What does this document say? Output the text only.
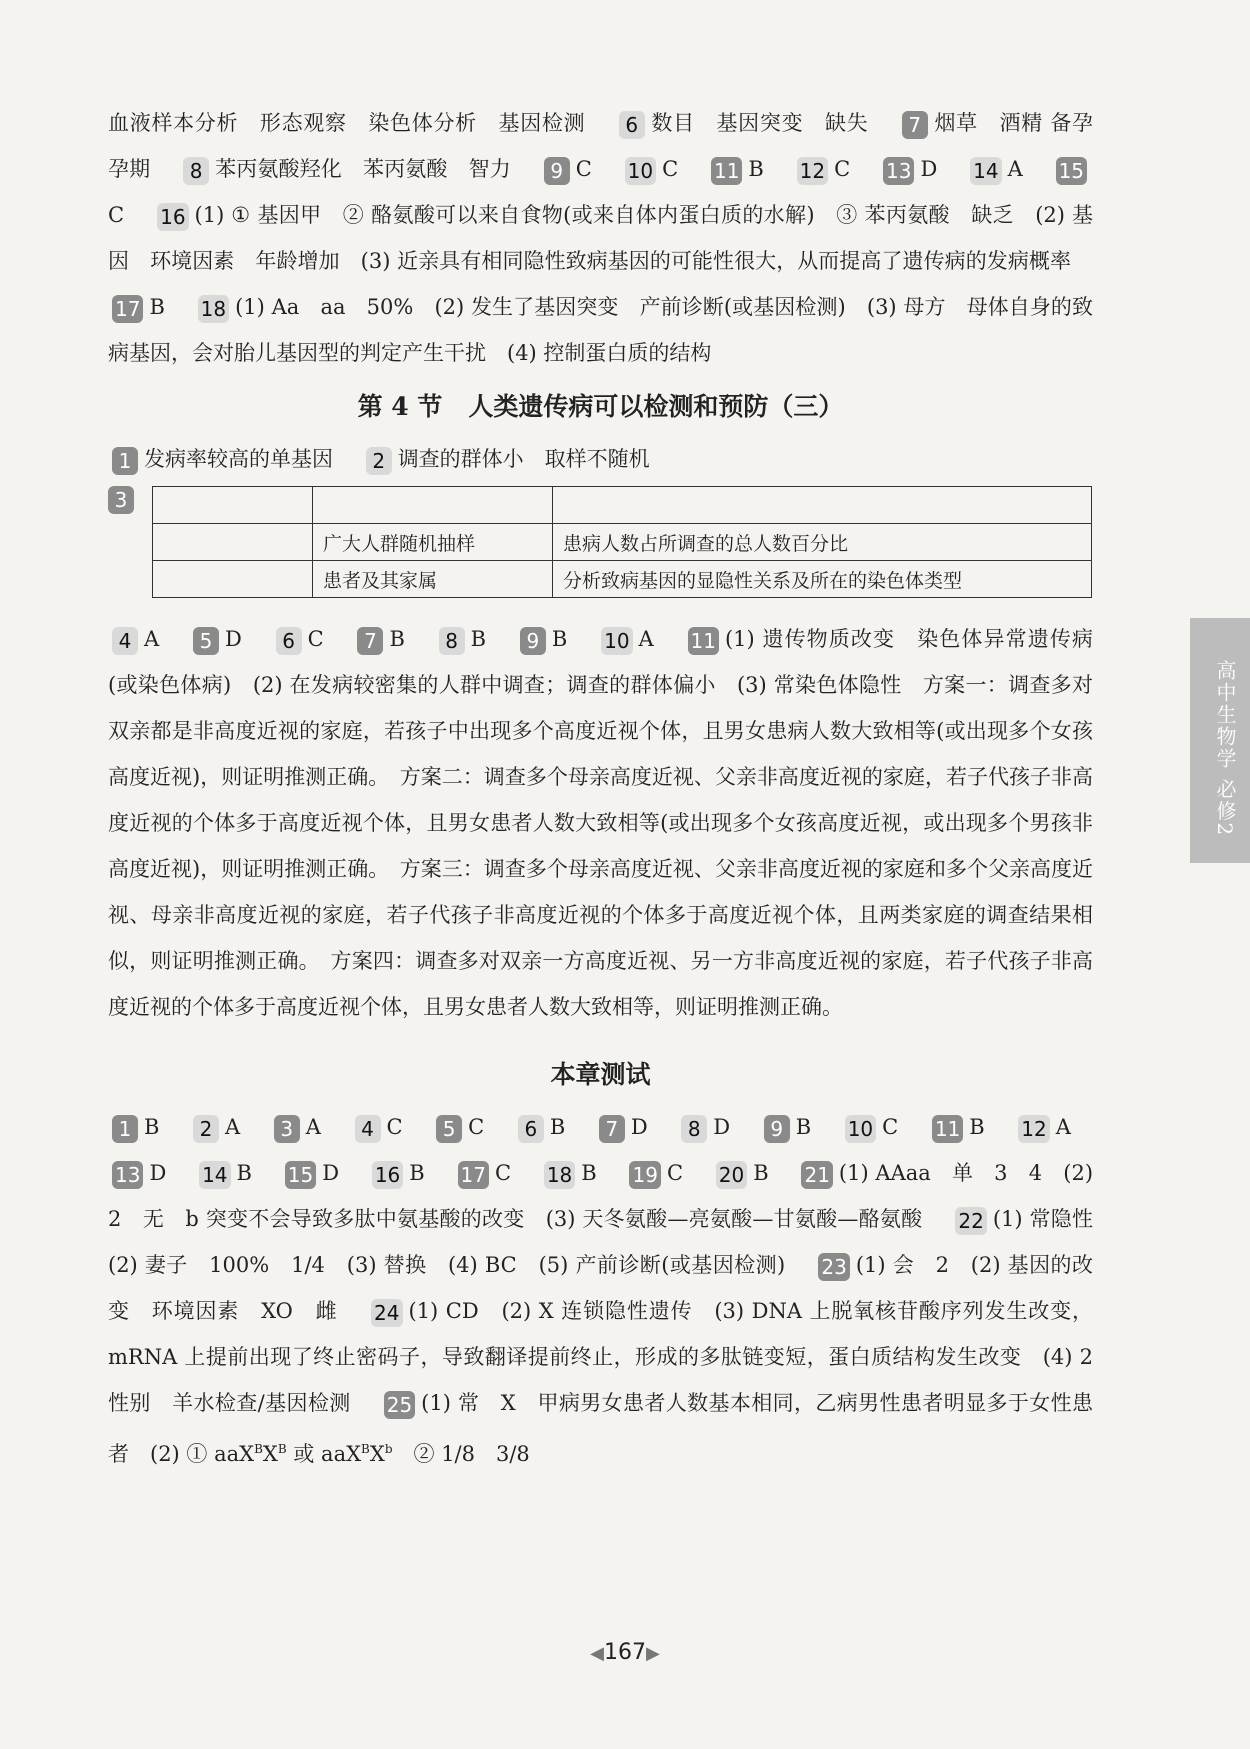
高中生物学 必修2

血液样本分析　形态观察　染色体分析　基因检测 6 数目　基因突变　缺失 7 烟草　酒精 备孕　孕期 8 苯丙氨酸羟化　苯丙氨酸　智力 9 C 10 C 11 B 12 C 13 D 14 A 15C 16 (1) ① 基因甲　② 酪氨酸可以来自食物(或来自体内蛋白质的水解)　③ 苯丙氨酸　缺乏　(2) 基因　环境因素　年龄增加　(3) 近亲具有相同隐性致病基因的可能性很大，从而提高了遗传病的发病概率 17 B 18 (1) Aa　aa　50%　(2) 发生了基因突变　产前诊断(或基因检测)　(3) 母方　母体自身的致病基因，会对胎儿基因型的判定产生干扰　(4) 控制蛋白质的结构

第 4 节 人类遗传病可以检测和预防（三）

1 发病率较高的单基因 2 调查的群体小　取样不随机

3

	广大人群随机抽样	患病人数占所调查的总人数百分比
	患者及其家属	分析致病基因的显隐性关系及所在的染色体类型

4 A 5 D 6 C 7 B 8 B 9 B 10 A 11 (1) 遗传物质改变　染色体异常遗传病(或染色体病)　(2) 在发病较密集的人群中调查；调查的群体偏小　(3) 常染色体隐性　方案一：调查多对双亲都是非高度近视的家庭，若孩子中出现多个高度近视个体，且男女患病人数大致相等(或出现多个女孩高度近视)，则证明推测正确。　方案二：调查多个母亲高度近视、父亲非高度近视的家庭，若子代孩子非高度近视的个体多于高度近视个体，且男女患者人数大致相等(或出现多个女孩高度近视，或出现多个男孩非高度近视)，则证明推测正确。　方案三：调查多个母亲高度近视、父亲非高度近视的家庭和多个父亲高度近视、母亲非高度近视的家庭，若子代孩子非高度近视的个体多于高度近视个体，且两类家庭的调查结果相似，则证明推测正确。　方案四：调查多对双亲一方高度近视、另一方非高度近视的家庭，若子代孩子非高度近视的个体多于高度近视个体，且男女患者人数大致相等，则证明推测正确。

本章测试

1 B 2 A 3 A 4 C 5 C 6 B 7 D 8 D 9 B 10 C 11 B 12 A 13 D 14 B 15 D 16 B 17 C 18 B 19 C 20 B 21 (1) AAaa　单　3　4　(2) 2　无　b 突变不会导致多肽中氨基酸的改变　(3) 天冬氨酸—亮氨酸—甘氨酸—酪氨酸 22 (1) 常隐性　(2) 妻子　100%　1/4　(3) 替换　(4) BC　(5) 产前诊断(或基因检测) 23 (1) 会　2　(2) 基因的改变　环境因素　XO　雌 24 (1) CD　(2) X 连锁隐性遗传　(3) DNA 上脱氧核苷酸序列发生改变，mRNA 上提前出现了终止密码子，导致翻译提前终止，形成的多肽链变短，蛋白质结构发生改变　(4) 2　性别　羊水检查/基因检测 25 (1) 常　X　甲病男女患者人数基本相同，乙病男性患者明显多于女性患者　(2) ① $aaX^BX^B$ 或 $aaX^BX^b$　② 1/8　3/8

◀167▶
